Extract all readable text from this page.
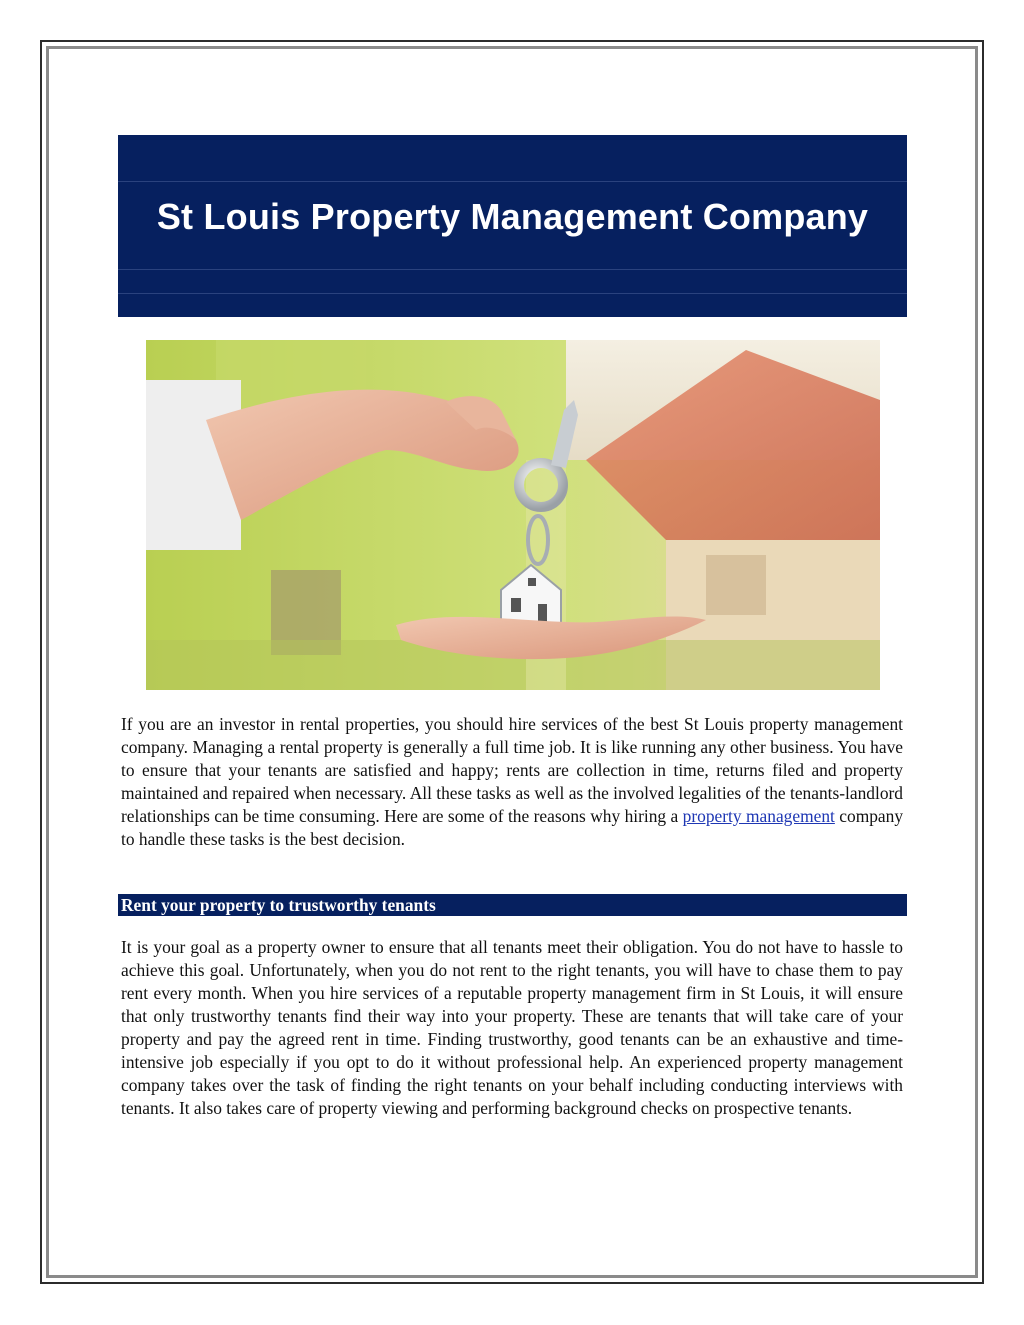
St Louis Property Management Company
If you are an investor in rental properties, you should hire services of the best St Louis property management company. Managing a rental property is generally a full time job. It is like running any other business. You have to ensure that your tenants are satisfied and happy; rents are collection in time, returns filed and property maintained and repaired when necessary. All these tasks as well as the involved legalities of the tenants-landlord relationships can be time consuming. Here are some of the reasons why hiring a property management company to handle these tasks is the best decision.
Rent your property to trustworthy tenants
It is your goal as a property owner to ensure that all tenants meet their obligation. You do not have to hassle to achieve this goal. Unfortunately, when you do not rent to the right tenants, you will have to chase them to pay rent every month. When you hire services of a reputable property management firm in St Louis, it will ensure that only trustworthy tenants find their way into your property. These are tenants that will take care of your property and pay the agreed rent in time. Finding trustworthy, good tenants can be an exhaustive and time-intensive job especially if you opt to do it without professional help. An experienced property management company takes over the task of finding the right tenants on your behalf including conducting interviews with tenants. It also takes care of property viewing and performing background checks on prospective tenants.
